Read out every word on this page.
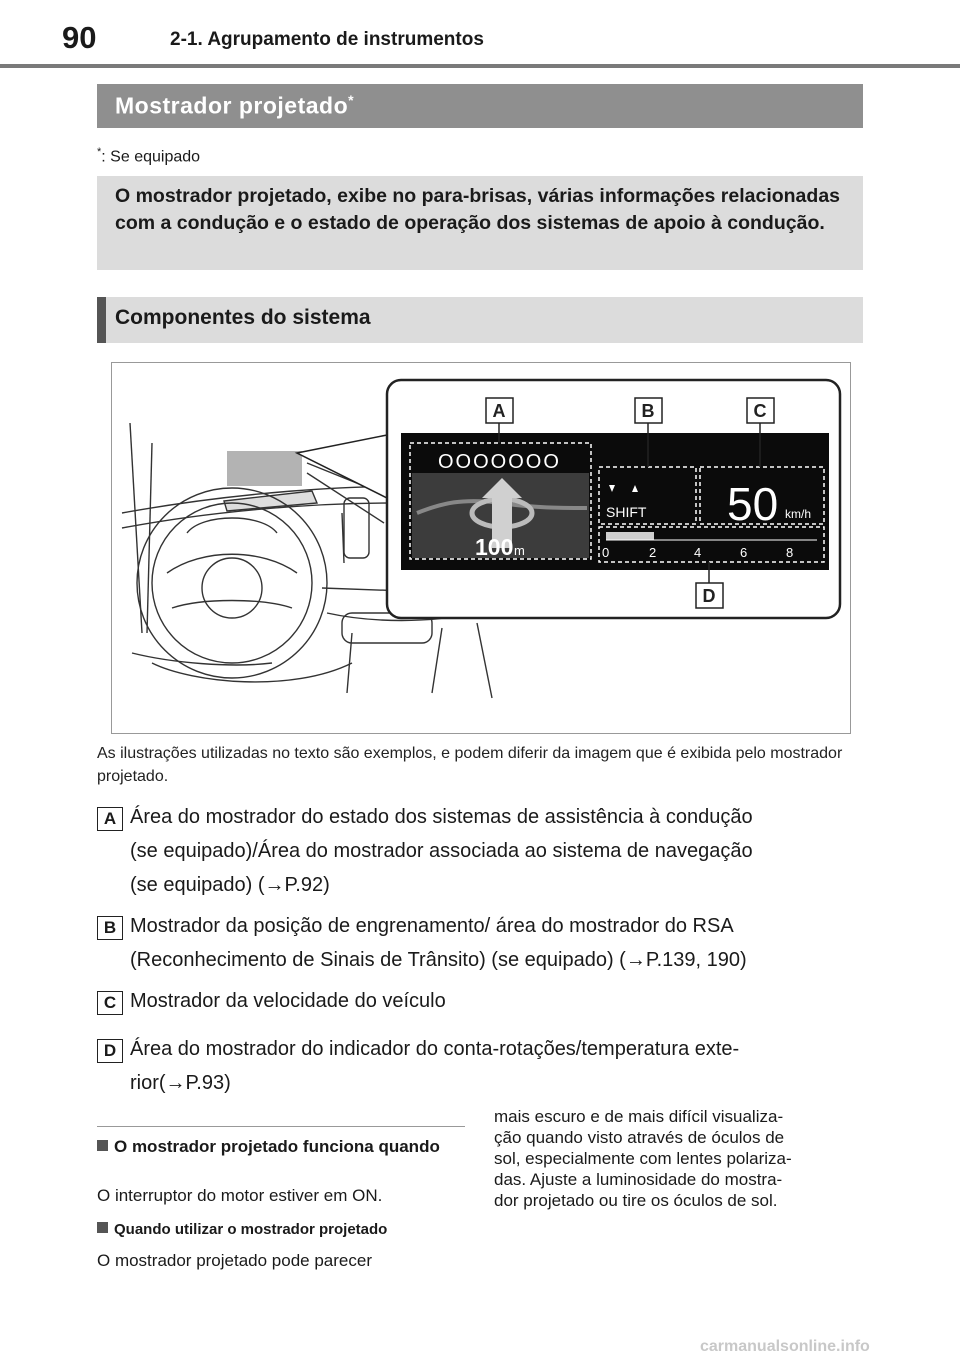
90	2-1. Agrupamento de instrumentos
Mostrador projetado*
*: Se equipado
O mostrador projetado, exibe no para-brisas, várias informações relacionadas com a condução e o estado de operação dos sistemas de apoio à condução.
Componentes do sistema
OOOOOOO
100 m
SHIFT 50 km/h
0	2	4	6	8
A	B	C
D
As ilustrações utilizadas no texto são exemplos, e podem diferir da imagem que é exibida pelo mostrador projetado.
A Área do mostrador do estado dos sistemas de assistência à condução
(se equipado)/Área do mostrador associada ao sistema de navegação
(se equipado) (→P.92)
B Mostrador da posição de engrenamento/ área do mostrador do RSA
(Reconhecimento de Sinais de Trânsito) (se equipado) (→P.139, 190)
C Mostrador da velocidade do veículo
D Área do mostrador do indicador do conta-rotações/temperatura exte-
rior(→P.93)
O mostrador projetado funciona quando
O interruptor do motor estiver em ON.
Quando utilizar o mostrador projetado
O mostrador projetado pode parecer
mais escuro e de mais difícil visualiza-
ção quando visto através de óculos de
sol, especialmente com lentes polariza-
das. Ajuste a luminosidade do mostra-
dor projetado ou tire os óculos de sol.
carmanualsonline.info
